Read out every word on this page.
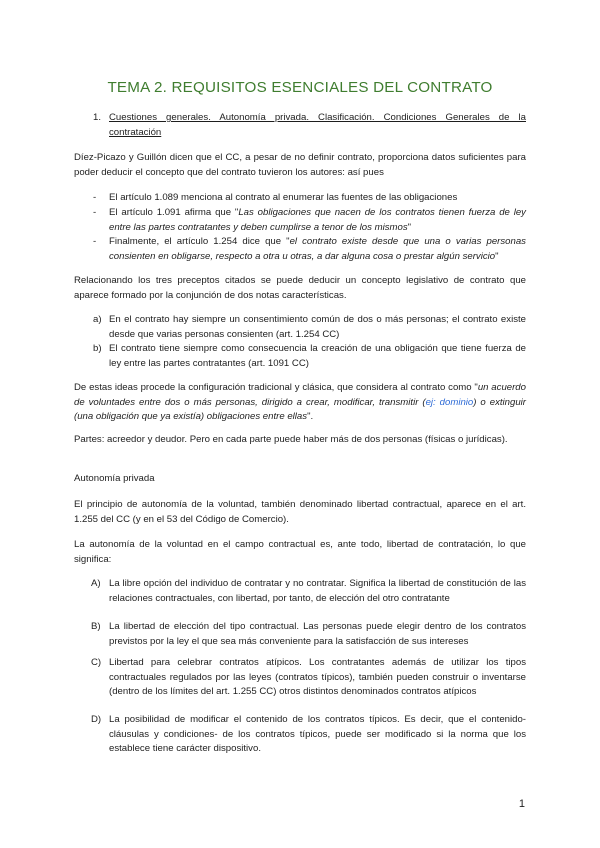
TEMA 2. REQUISITOS ESENCIALES DEL CONTRATO
1. Cuestiones generales. Autonomía privada. Clasificación. Condiciones Generales de la contratación

Díez-Picazo y Guillón dicen que el CC, a pesar de no definir contrato, proporciona datos suficientes para poder deducir el concepto que del contrato tuvieron los autores: así pues

- El artículo 1.089 menciona al contrato al enumerar las fuentes de las obligaciones

- El artículo 1.091 afirma que "Las obligaciones que nacen de los contratos tienen fuerza de ley entre las partes contratantes y deben cumplirse a tenor de los mismos"

- Finalmente, el artículo 1.254 dice que "el contrato existe desde que una o varias personas consienten en obligarse, respecto a otra u otras, a dar alguna cosa o prestar algún servicio"

Relacionando los tres preceptos citados se puede deducir un concepto legislativo de contrato que aparece formado por la conjunción de dos notas características.

a) En el contrato hay siempre un consentimiento común de dos o más personas; el contrato existe desde que varias personas consienten (art. 1.254 CC)

b) El contrato tiene siempre como consecuencia la creación de una obligación que tiene fuerza de ley entre las partes contratantes (art. 1091 CC)

De estas ideas procede la configuración tradicional y clásica, que considera al contrato como "un acuerdo de voluntades entre dos o más personas, dirigido a crear, modificar, transmitir (ej: dominio) o extinguir (una obligación que ya existía) obligaciones entre ellas".

Partes: acreedor y deudor. Pero en cada parte puede haber más de dos personas (físicas o jurídicas).

Autonomía privada

El principio de autonomía de la voluntad, también denominado libertad contractual, aparece en el art. 1.255 del CC (y en el 53 del Código de Comercio).

La autonomía de la voluntad en el campo contractual es, ante todo, libertad de contratación, lo que significa:

A) La libre opción del individuo de contratar y no contratar. Significa la libertad de constitución de las relaciones contractuales, con libertad, por tanto, de elección del otro contratante

B) La libertad de elección del tipo contractual. Las personas puede elegir dentro de los contratos previstos por la ley el que sea más conveniente para la satisfacción de sus intereses

C) Libertad para celebrar contratos atípicos. Los contratantes además de utilizar los tipos contractuales regulados por las leyes (contratos típicos), también pueden construir o inventarse (dentro de los límites del art. 1.255 CC) otros distintos denominados contratos atípicos

D) La posibilidad de modificar el contenido de los contratos típicos. Es decir, que el contenido- cláusulas y condiciones- de los contratos típicos, puede ser modificado si la norma que los establece tiene carácter dispositivo.

1
